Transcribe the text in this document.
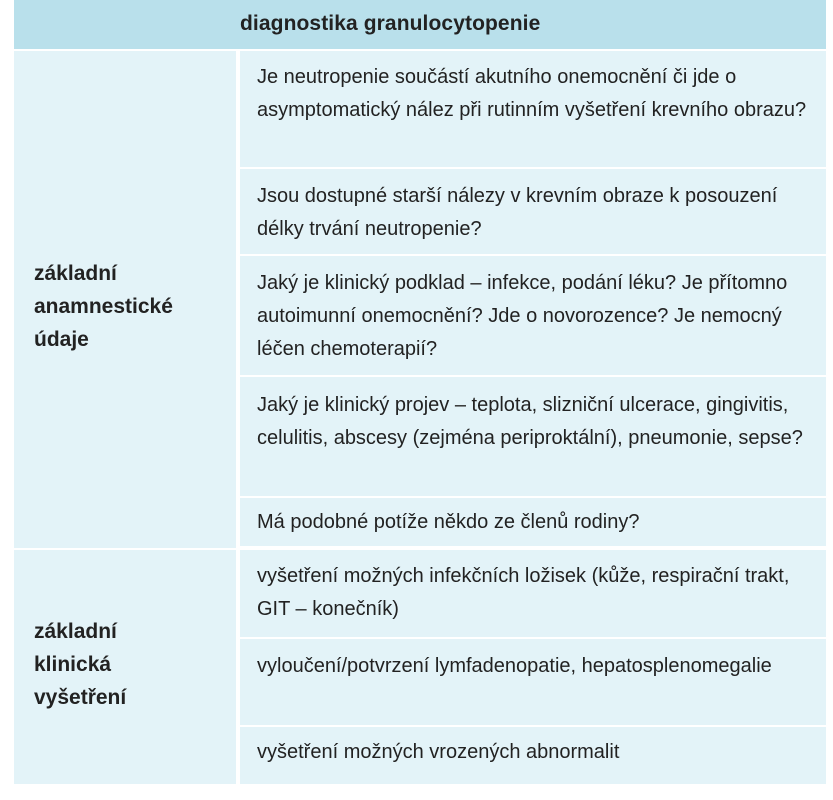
diagnostika granulocytopenie
základní
anamnestické
údaje
Je neutropenie součástí akutního onemocnění či jde o asymptomatický nález při rutinním vyšetření krevního obrazu?
Jsou dostupné starší nálezy v krevním obraze k posouzení délky trvání neutropenie?
Jaký je klinický podklad – infekce, podání léku? Je přítomno autoimunní onemocnění? Jde o novorozence? Je nemocný léčen chemoterapií?
Jaký je klinický projev – teplota, slizniční ulcerace, gingivitis, celulitis, abscesy (zejména periproktální), pneumonie, sepse?
Má podobné potíže někdo ze členů rodiny?
základní
klinická
vyšetření
vyšetření možných infekčních ložisek (kůže, respirační trakt, GIT – konečník)
vyloučení/potvrzení lymfadenopatie, hepatosplenomegalie
vyšetření možných vrozených abnormalit
